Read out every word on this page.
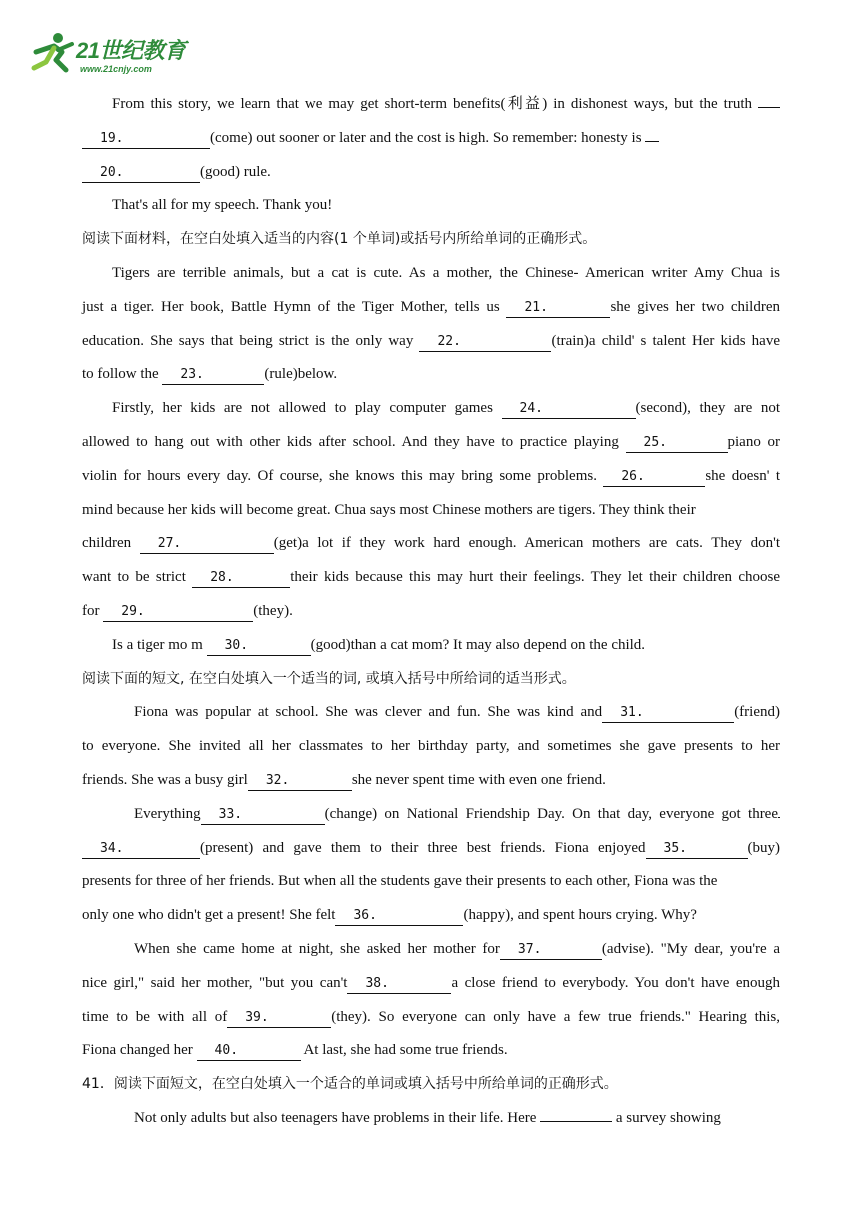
21世纪教育
www.21cnjy.com
From this story, we learn that we may get short-term benefits(利益) in dishonest ways, but the truth
19.	(come) out sooner or later and the cost is high. So remember: honesty is
20.	(good) rule.
That's all for my speech. Thank you!
阅读下面材料，在空白处填入适当的内容(1 个单词)或括号内所给单词的正确形式。
Tigers are terrible animals, but a cat is cute. As a mother, the Chinese- American writer Amy Chua is
just a tiger. Her book, Battle Hymn of the Tiger Mother, tells us 21.	she gives her two children
education. She says that being strict is the only way 22.	(train)a child' s talent Her kids have
to follow the 23.	(rule)below.
Firstly, her kids are not allowed to play computer games 24.	(second), they are not
allowed to hang out with other kids after school. And they have to practice playing 25.	piano or
violin for hours every day. Of course, she knows this may bring some problems. 26.	she doesn' t
mind because her kids will become great. Chua says most Chinese mothers are tigers. They think their
children 27.	(get)a lot if they work hard enough. American mothers are cats. They don't
want to be strict 28.	their kids because this may hurt their feelings. They let their children choose
for 29.	(they).
Is a tiger mo m 30.	(good)than a cat mom? It may also depend on the child.
阅读下面的短文, 在空白处填入一个适当的词, 或填入括号中所给词的适当形式。
Fiona was popular at school. She was clever and fun. She was kind and 31.	(friend)
to everyone. She invited all her classmates to her birthday party, and sometimes she gave presents to her
friends. She was a busy girl 32.	she never spent time with even one friend.
Everything 33.	(change) on National Friendship Day. On that day, everyone got three
34.	(present) and gave them to their three best friends. Fiona enjoyed 35.	(buy)
presents for three of her friends. But when all the students gave their presents to each other, Fiona was the
only one who didn't get a present! She felt 36.	(happy), and spent hours crying. Why?
When she came home at night, she asked her mother for 37.	(advise). "My dear, you're a
nice girl," said her mother, "but you can't 38.	a close friend to everybody. You don't have enough
time to be with all of 39.	(they). So everyone can only have a few true friends." Hearing this,
Fiona changed her 40.	At last, she had some true friends.
41．阅读下面短文，在空白处填入一个适合的单词或填入括号中所给单词的正确形式。
Not only adults but also teenagers have problems in their life. Here	a survey showing
